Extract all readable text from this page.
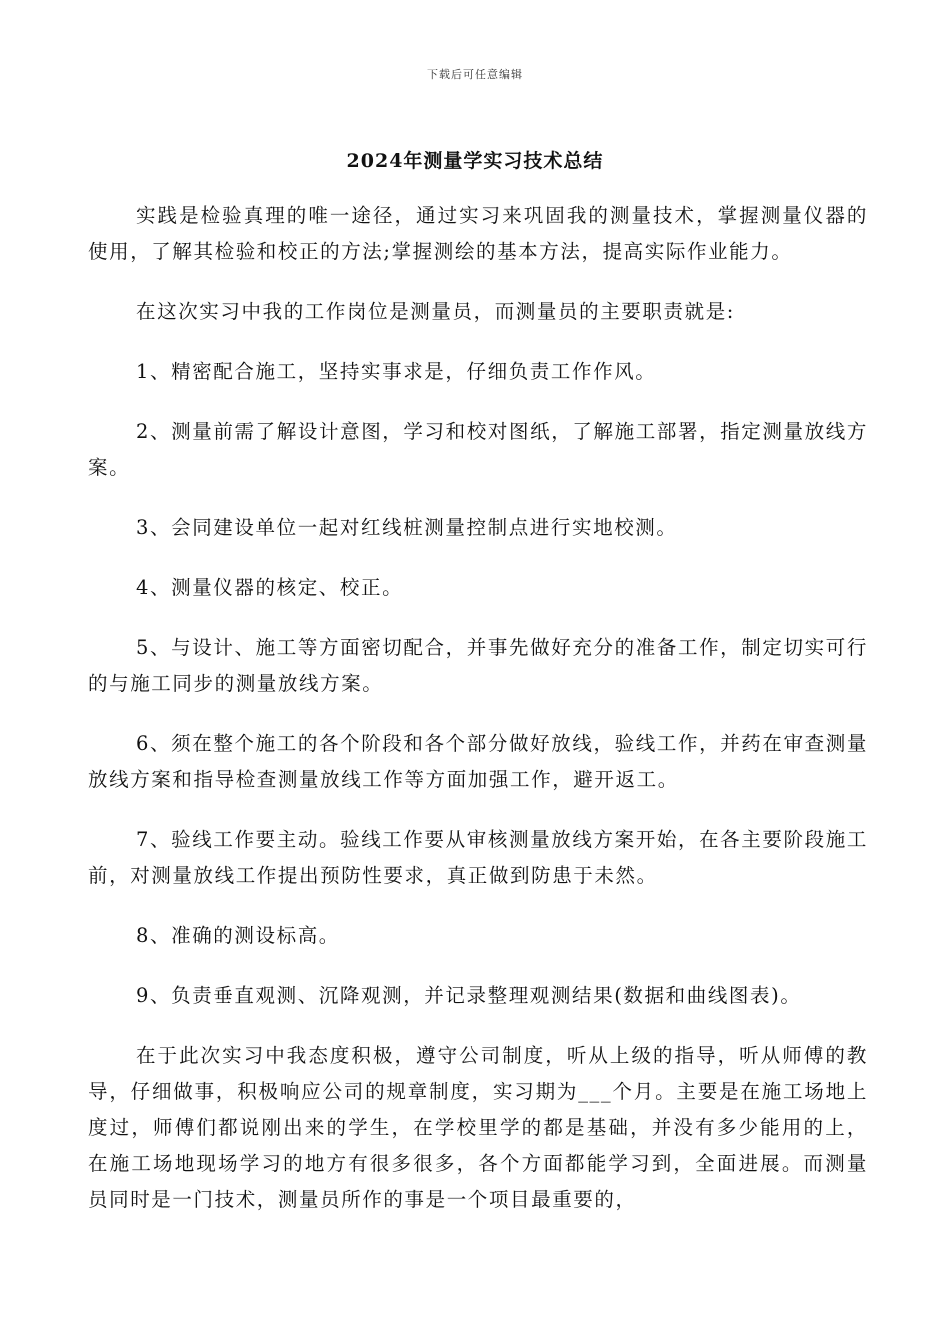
下载后可任意编辑
2024年测量学实习技术总结

实践是检验真理的唯一途径，通过实习来巩固我的测量技术，掌握测量仪器的使用，了解其检验和校正的方法;掌握测绘的基本方法，提高实际作业能力。

在这次实习中我的工作岗位是测量员，而测量员的主要职责就是:

1、精密配合施工，坚持实事求是，仔细负责工作作风。

2、测量前需了解设计意图，学习和校对图纸，了解施工部署，指定测量放线方案。

3、会同建设单位一起对红线桩测量控制点进行实地校测。

4、测量仪器的核定、校正。

5、与设计、施工等方面密切配合，并事先做好充分的准备工作，制定切实可行的与施工同步的测量放线方案。

6、须在整个施工的各个阶段和各个部分做好放线，验线工作，并药在审查测量放线方案和指导检查测量放线工作等方面加强工作，避开返工。

7、验线工作要主动。验线工作要从审核测量放线方案开始，在各主要阶段施工前，对测量放线工作提出预防性要求，真正做到防患于未然。

8、准确的测设标高。

9、负责垂直观测、沉降观测，并记录整理观测结果(数据和曲线图表)。

在于此次实习中我态度积极，遵守公司制度，听从上级的指导，听从师傅的教导，仔细做事，积极响应公司的规章制度，实习期为___个月。主要是在施工场地上度过，师傅们都说刚出来的学生，在学校里学的都是基础，并没有多少能用的上，在施工场地现场学习的地方有很多很多，各个方面都能学习到，全面进展。而测量员同时是一门技术，测量员所作的事是一个项目最重要的，
